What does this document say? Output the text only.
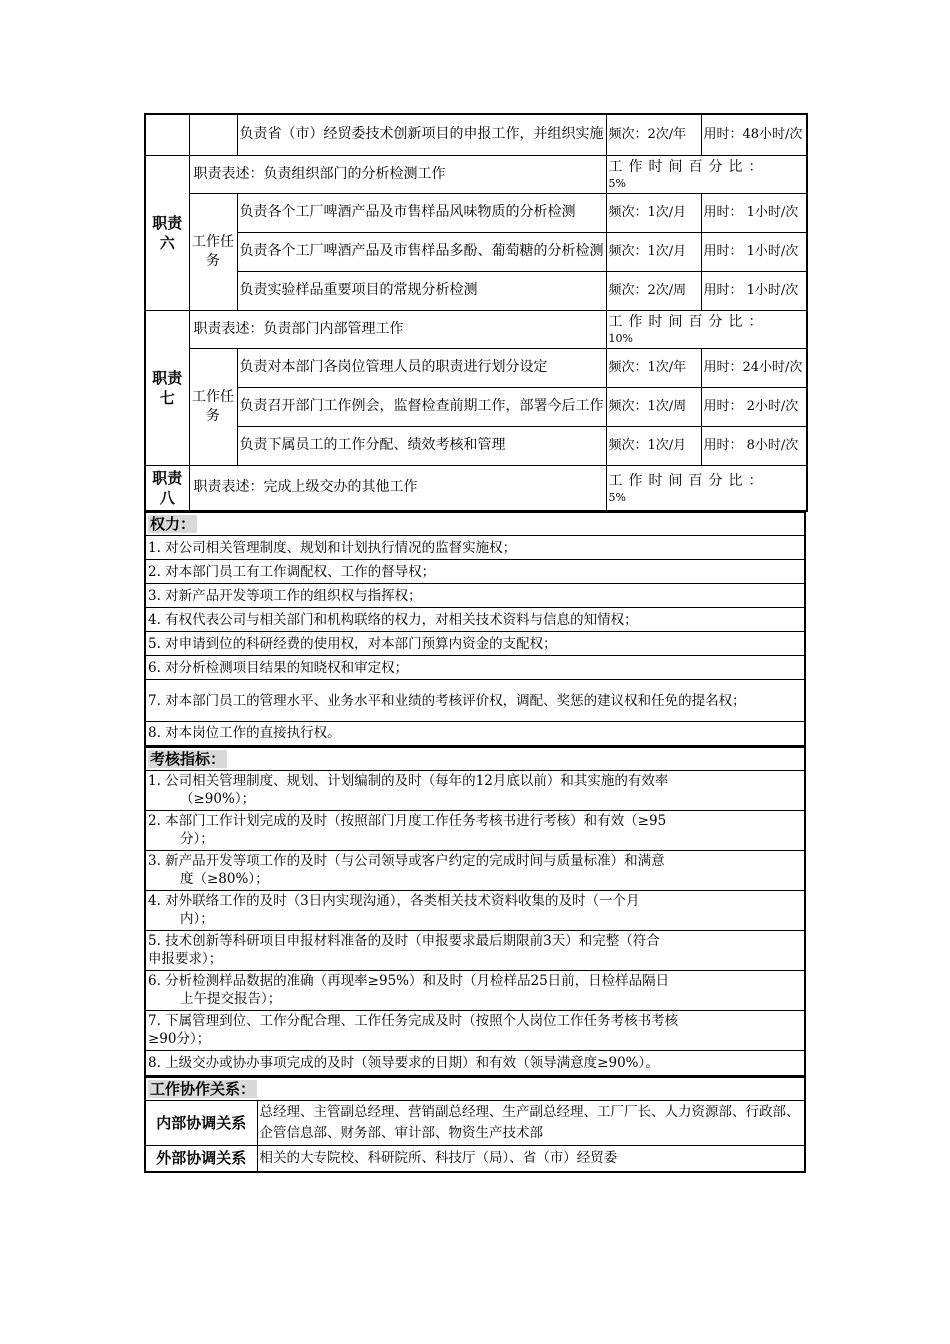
		负责省（市）经贸委技术创新项目的申报工作，并组织实施	频次：2次/年	用时：48小时/次
职责六	职责表述：负责组织部门的分析检测工作		工作时间百分比：
5%	

	工作任务	负责各个工厂啤酒产品及市售样品风味物质的分析检测	频次：1次/月	用时： 1小时/次
		负责各个工厂啤酒产品及市售样品多酚、葡萄糖的分析检测	频次：1次/月	用时： 1小时/次
		负责实验样品重要项目的常规分析检测	频次：2次/周	用时： 1小时/次
职责七	职责表述：负责部门内部管理工作		工作时间百分比：
10%	

	工作任务	负责对本部门各岗位管理人员的职责进行划分设定	频次：1次/年	用时：24小时/次
		负责召开部门工作例会，监督检查前期工作，部署今后工作	频次：1次/周	用时： 2小时/次
		负责下属员工的工作分配、绩效考核和管理	频次：1次/月	用时： 8小时/次
职责八	职责表述：完成上级交办的其他工作		工作时间百分比：
5%	
权力：
1. 对公司相关管理制度、规划和计划执行情况的监督实施权；
2. 对本部门员工有工作调配权、工作的督导权；
3. 对新产品开发等项工作的组织权与指挥权；
4. 有权代表公司与相关部门和机构联络的权力，对相关技术资料与信息的知情权；
5. 对申请到位的科研经费的使用权，对本部门预算内资金的支配权；
6. 对分析检测项目结果的知晓权和审定权；
7. 对本部门员工的管理水平、业务水平和业绩的考核评价权，调配、奖惩的建议权和任免的提名权；
8. 对本岗位工作的直接执行权。
考核指标：

1. 公司相关管理制度、规划、计划编制的及时（每年的12月底以前）和其实施的有效率
（≥90%）；

2. 本部门工作计划完成的及时（按照部门月度工作任务考核书进行考核）和有效（≥95
分）；

3. 新产品开发等项工作的及时（与公司领导或客户约定的完成时间与质量标准）和满意
度（≥80%）；

4. 对外联络工作的及时（3日内实现沟通），各类相关技术资料收集的及时（一个月
内）；

5. 技术创新等科研项目申报材料准备的及时（申报要求最后期限前3天）和完整（符合
申报要求）；

6. 分析检测样品数据的准确（再现率≥95%）和及时（月检样品25日前，日检样品隔日
上午提交报告）；

7. 下属管理到位、工作分配合理、工作任务完成及时（按照个人岗位工作任务考核书考核
≥90分）；

8. 上级交办或协办事项完成的及时（领导要求的日期）和有效（领导满意度≥90%）。
工作协作关系：	
内部协调关系	总经理、主管副总经理、营销副总经理、生产副总经理、工厂厂长、人力资源部、行政部、企管信息部、财务部、审计部、物资生产技术部
外部协调关系	相关的大专院校、科研院所、科技厅（局）、省（市）经贸委
